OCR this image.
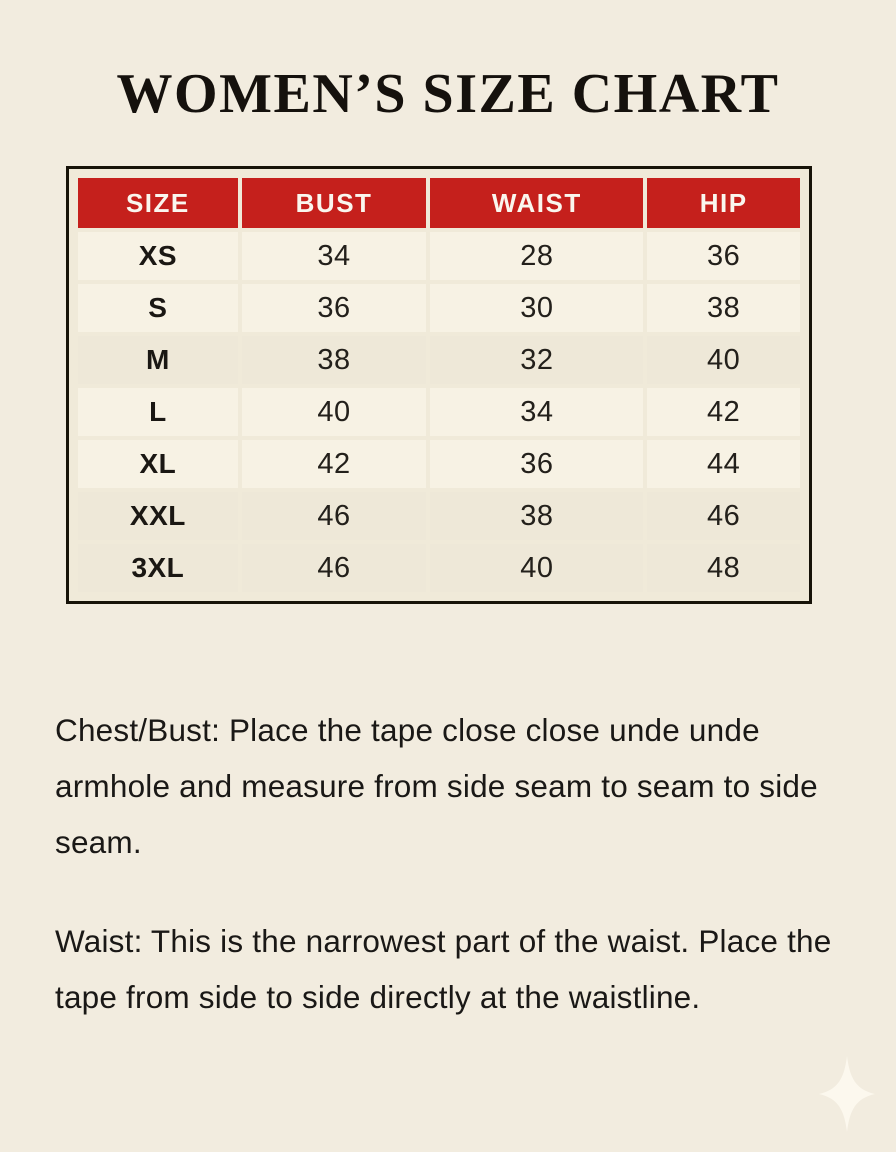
WOMEN’S SIZE CHART
SIZE	BUST	WAIST	HIP
XS	34	28	36
S	36	30	38
M	38	32	40
L	40	34	42
XL	42	36	44
XXL	46	38	46
3XL	46	40	48

Chest/Bust: Place the tape close close unde unde armhole and measure from side seam to seam to side seam.

Waist: This is the narrowest part of the waist. Place the tape from side to side directly at the waistline.
